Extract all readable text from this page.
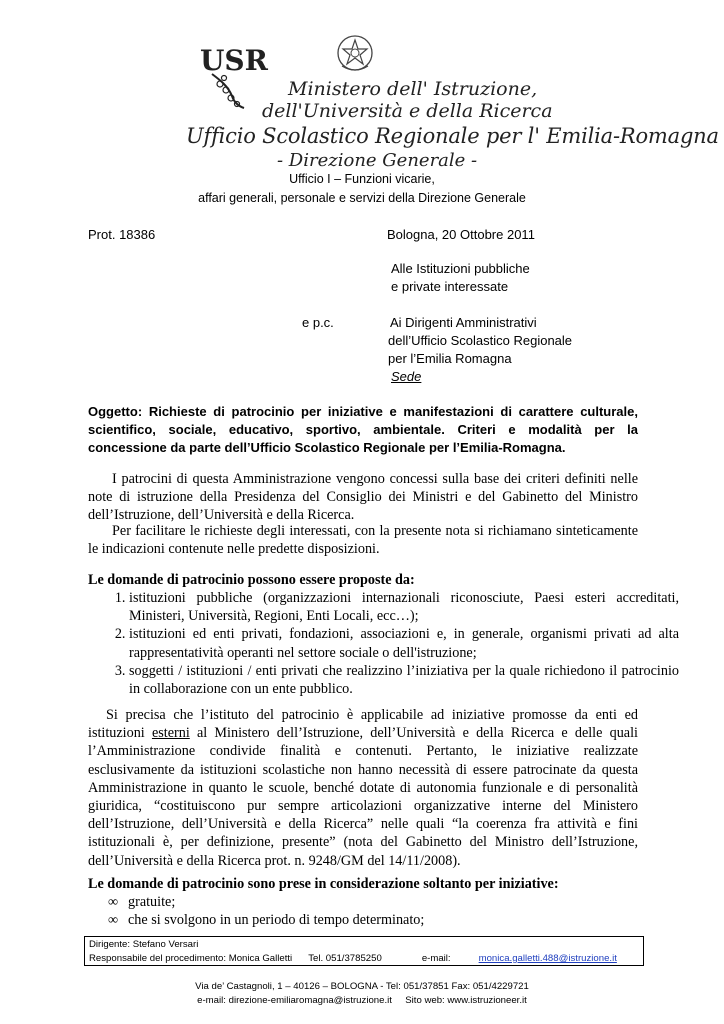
USR
Ministero dell' Istruzione,
dell'Università e della Ricerca
Ufficio Scolastico Regionale per l' Emilia-Romagna
- Direzione Generale -
Ufficio I – Funzioni vicarie,
affari generali, personale e servizi della Direzione Generale
Prot. 18386	Bologna, 20 Ottobre 2011
Alle Istituzioni pubbliche
e private interessate
e p.c.	Ai Dirigenti Amministrativi
dell’Ufficio Scolastico Regionale
per l’Emilia Romagna
Sede
Oggetto: Richieste di patrocinio per iniziative e manifestazioni di carattere culturale, scientifico, sociale, educativo, sportivo, ambientale. Criteri e modalità per la concessione da parte dell’Ufficio Scolastico Regionale per l’Emilia-Romagna.
I patrocini di questa Amministrazione vengono concessi sulla base dei criteri definiti nelle note di istruzione della Presidenza del Consiglio dei Ministri e del Gabinetto del Ministro dell’Istruzione, dell’Università e della Ricerca.
Per facilitare le richieste degli interessati, con la presente nota si richiamano sinteticamente le indicazioni contenute nelle predette disposizioni.
Le domande di patrocinio possono essere proposte da:
1. istituzioni pubbliche (organizzazioni internazionali riconosciute, Paesi esteri accreditati, Ministeri, Università, Regioni, Enti Locali, ecc…);
2. istituzioni ed enti privati, fondazioni, associazioni e, in generale, organismi privati ad alta rappresentatività operanti nel settore sociale o dell'istruzione;
3. soggetti / istituzioni / enti privati che realizzino l’iniziativa per la quale richiedono il patrocinio in collaborazione con un ente pubblico.
Si precisa che l’istituto del patrocinio è applicabile ad iniziative promosse da enti ed istituzioni esterni al Ministero dell’Istruzione, dell’Università e della Ricerca e delle quali l’Amministrazione condivide finalità e contenuti. Pertanto, le iniziative realizzate esclusivamente da istituzioni scolastiche non hanno necessità di essere patrocinate da questa Amministrazione in quanto le scuole, benché dotate di autonomia funzionale e di personalità giuridica, “costituiscono pur sempre articolazioni organizzative interne del Ministero dell’Istruzione, dell’Università e della Ricerca” nelle quali “la coerenza fra attività e fini istituzionali è, per definizione, presente” (nota del Gabinetto del Ministro dell’Istruzione, dell’Università e della Ricerca prot. n. 9248/GM del 14/11/2008).
Le domande di patrocinio sono prese in considerazione soltanto per iniziative:
∞ gratuite;
∞ che si svolgono in un periodo di tempo determinato;
Dirigente: Stefano Versari
Responsabile del procedimento: Monica Galletti Tel. 051/3785250	e-mail:	monica.galletti.488@istruzione.it
Via de’ Castagnoli, 1 – 40126 – BOLOGNA - Tel: 051/37851 Fax: 051/4229721
e-mail: direzione-emiliaromagna@istruzione.it     Sito web: www.istruzioneer.it
